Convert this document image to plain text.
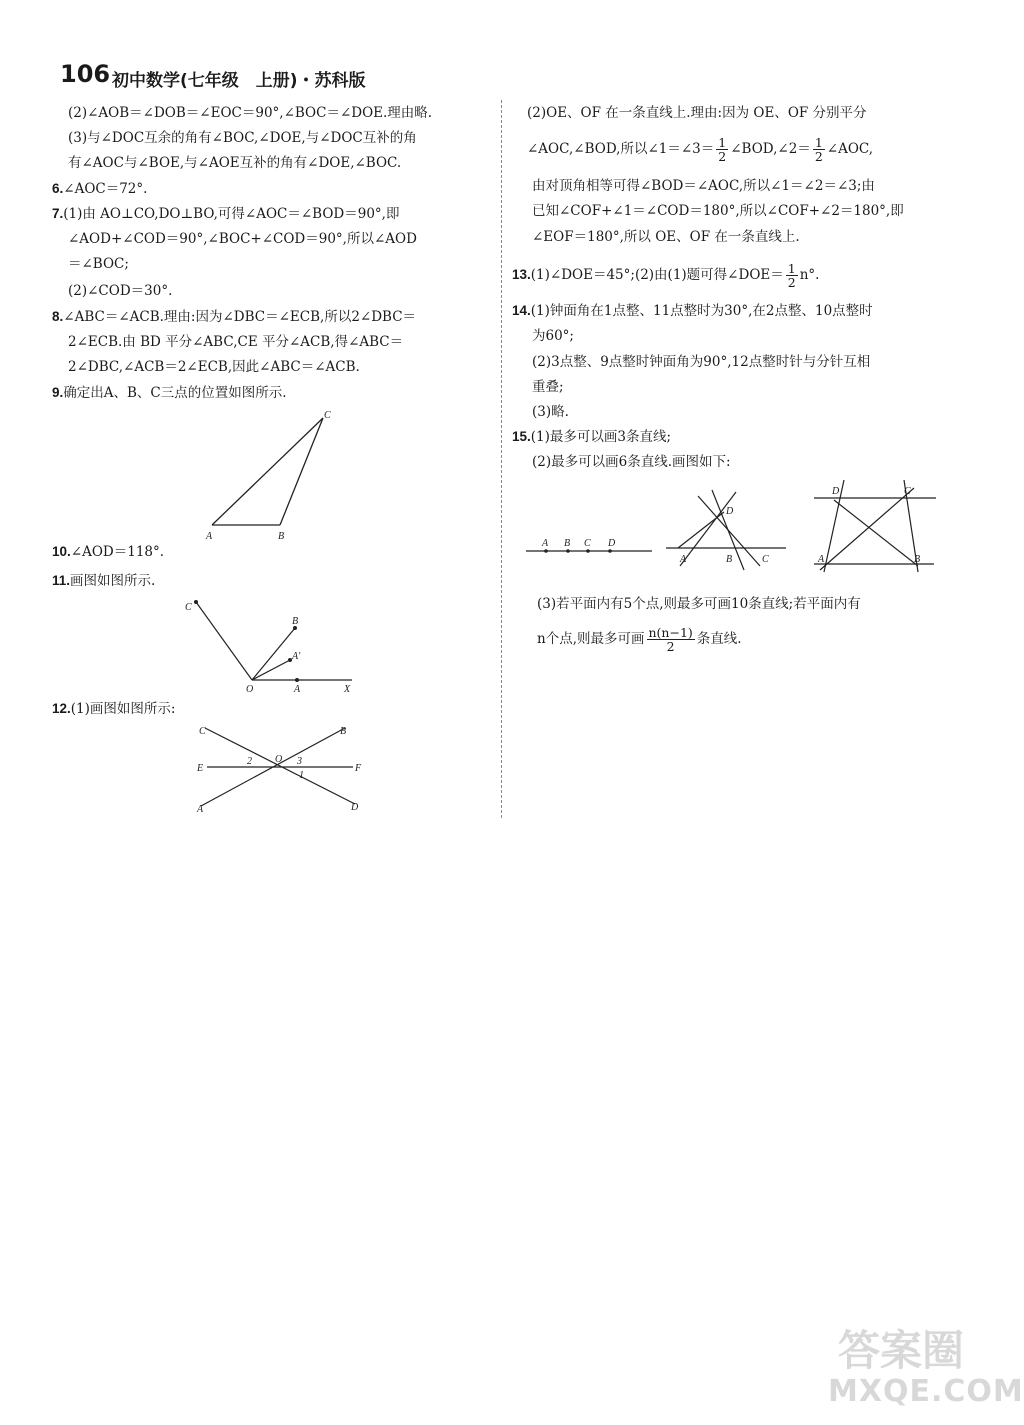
106 初中数学(七年级　上册)・苏科版
(2)∠AOB＝∠DOB＝∠EOC＝90°,∠BOC＝∠DOE.理由略.
(3)与∠DOC互余的角有∠BOC,∠DOE,与∠DOC互补的角
有∠AOC与∠BOE,与∠AOE互补的角有∠DOE,∠BOC.
6.∠AOC＝72°.
7.(1)由 AO⊥CO,DO⊥BO,可得∠AOC＝∠BOD＝90°,即
∠AOD+∠COD＝90°,∠BOC+∠COD＝90°,所以∠AOD
＝∠BOC;
(2)∠COD＝30°.
8.∠ABC＝∠ACB.理由:因为∠DBC＝∠ECB,所以2∠DBC＝
2∠ECB.由 BD 平分∠ABC,CE 平分∠ACB,得∠ABC＝
2∠DBC,∠ACB＝2∠ECB,因此∠ABC＝∠ACB.
9.确定出A、B、C三点的位置如图所示.
10.∠AOD＝118°.
11.画图如图所示.
12.(1)画图如图所示:
A	B
C
C
B
A′
O	A	X
C	B
E	F
A	D
O
2	3
1
(2)OE、OF 在一条直线上.理由:因为 OE、OF 分别平分
∠AOC,∠BOD,所以∠1＝∠3＝ $\frac{1}{2}$ ∠BOD,∠2＝ $\frac{1}{2}$ ∠AOC,
由对顶角相等可得∠BOD＝∠AOC,所以∠1＝∠2＝∠3;由
已知∠COF+∠1＝∠COD＝180°,所以∠COF+∠2＝180°,即
∠EOF＝180°,所以 OE、OF 在一条直线上.
13.(1)∠DOE＝45°;(2)由(1)题可得∠DOE＝ $\frac{1}{2} n^\circ$.
14.(1)钟面角在1点整、11点整时为30°,在2点整、10点整时
为60°;
(2)3点整、9点整时钟面角为90°,12点整时针与分针互相
重叠;
(3)略.
15.(1)最多可以画3条直线;
(2)最多可以画6条直线.画图如下:
A B C D
D
A	B	C
D	C
A	B
(3)若平面内有5个点,则最多可画10条直线;若平面内有
n个点,则最多可画 $\frac{n(n-1)}{2}$ 条直线.
答案圈
MXQE.COM
